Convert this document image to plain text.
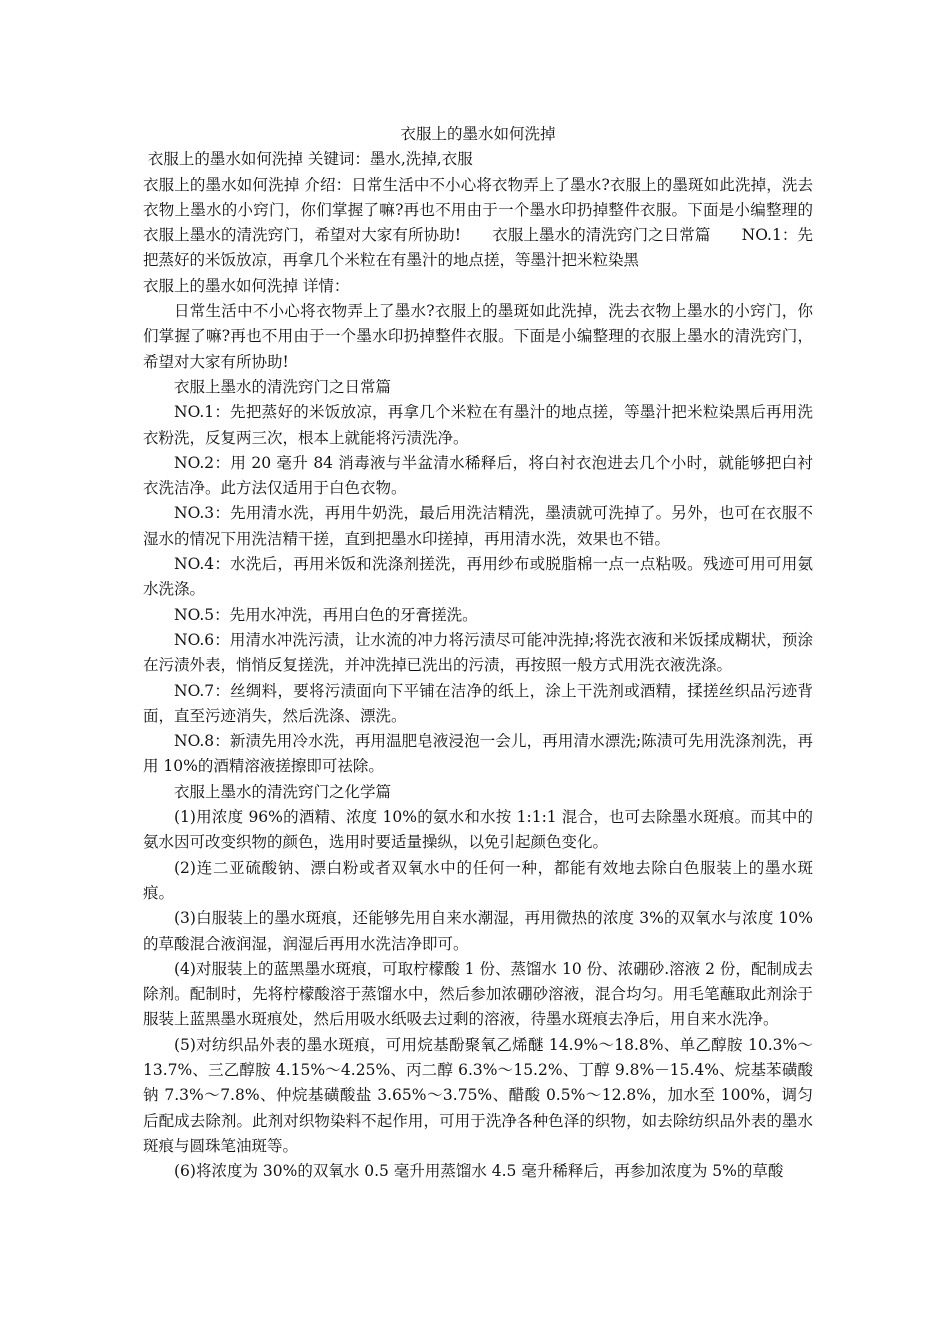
衣服上的墨水如何洗掉

衣服上的墨水如何洗掉 关键词：墨水,洗掉,衣服

衣服上的墨水如何洗掉 介绍：日常生活中不小心将衣物弄上了墨水?衣服上的墨斑如此洗掉，洗去衣物上墨水的小窍门，你们掌握了嘛?再也不用由于一个墨水印扔掉整件衣服。下面是小编整理的衣服上墨水的清洗窍门，希望对大家有所协助!　　衣服上墨水的清洗窍门之日常篇　　NO.1：先把蒸好的米饭放凉，再拿几个米粒在有墨汁的地点搓，等墨汁把米粒染黑

衣服上的墨水如何洗掉 详情：

日常生活中不小心将衣物弄上了墨水?衣服上的墨斑如此洗掉，洗去衣物上墨水的小窍门，你们掌握了嘛?再也不用由于一个墨水印扔掉整件衣服。下面是小编整理的衣服上墨水的清洗窍门，希望对大家有所协助!

衣服上墨水的清洗窍门之日常篇

NO.1：先把蒸好的米饭放凉，再拿几个米粒在有墨汁的地点搓，等墨汁把米粒染黑后再用洗衣粉洗，反复两三次，根本上就能将污渍洗净。

NO.2：用 20 毫升 84 消毒液与半盆清水稀释后，将白衬衣泡进去几个小时，就能够把白衬衣洗洁净。此方法仅适用于白色衣物。

NO.3：先用清水洗，再用牛奶洗，最后用洗洁精洗，墨渍就可洗掉了。另外，也可在衣服不湿水的情况下用洗洁精干搓，直到把墨水印搓掉，再用清水洗，效果也不错。

NO.4：水洗后，再用米饭和洗涤剂搓洗，再用纱布或脱脂棉一点一点粘吸。残迹可用可用氨水洗涤。

NO.5：先用水冲洗，再用白色的牙膏搓洗。

NO.6：用清水冲洗污渍，让水流的冲力将污渍尽可能冲洗掉;将洗衣液和米饭揉成糊状，预涂在污渍外表，悄悄反复搓洗，并冲洗掉已洗出的污渍，再按照一般方式用洗衣液洗涤。

NO.7：丝绸料，要将污渍面向下平铺在洁净的纸上，涂上干洗剂或酒精，揉搓丝织品污迹背面，直至污迹消失，然后洗涤、漂洗。

NO.8：新渍先用冷水洗，再用温肥皂液浸泡一会儿，再用清水漂洗;陈渍可先用洗涤剂洗，再用 10%的酒精溶液搓擦即可祛除。

衣服上墨水的清洗窍门之化学篇

(1)用浓度 96%的酒精、浓度 10%的氨水和水按 1:1:1 混合，也可去除墨水斑痕。而其中的氨水因可改变织物的颜色，选用时要适量操纵，以免引起颜色变化。

(2)连二亚硫酸钠、漂白粉或者双氧水中的任何一种，都能有效地去除白色服装上的墨水斑痕。

(3)白服装上的墨水斑痕，还能够先用自来水潮湿，再用微热的浓度 3%的双氧水与浓度 10%的草酸混合液润湿，润湿后再用水洗洁净即可。

(4)对服装上的蓝黑墨水斑痕，可取柠檬酸 1 份、蒸馏水 10 份、浓硼砂.溶液 2 份，配制成去除剂。配制时，先将柠檬酸溶于蒸馏水中，然后参加浓硼砂溶液，混合均匀。用毛笔蘸取此剂涂于服装上蓝黑墨水斑痕处，然后用吸水纸吸去过剩的溶液，待墨水斑痕去净后，用自来水洗净。

(5)对纺织品外表的墨水斑痕，可用烷基酚聚氧乙烯醚 14.9%～18.8%、单乙醇胺 10.3%～13.7%、三乙醇胺 4.15%～4.25%、丙二醇 6.3%～15.2%、丁醇 9.8%－15.4%、烷基苯磺酸钠 7.3%～7.8%、仲烷基磺酸盐 3.65%～3.75%、醋酸 0.5%～12.8%，加水至 100%，调匀后配成去除剂。此剂对织物染料不起作用，可用于洗净各种色泽的织物，如去除纺织品外表的墨水斑痕与圆珠笔油斑等。

(6)将浓度为 30%的双氧水 0.5 毫升用蒸馏水 4.5 毫升稀释后，再参加浓度为 5%的草酸
